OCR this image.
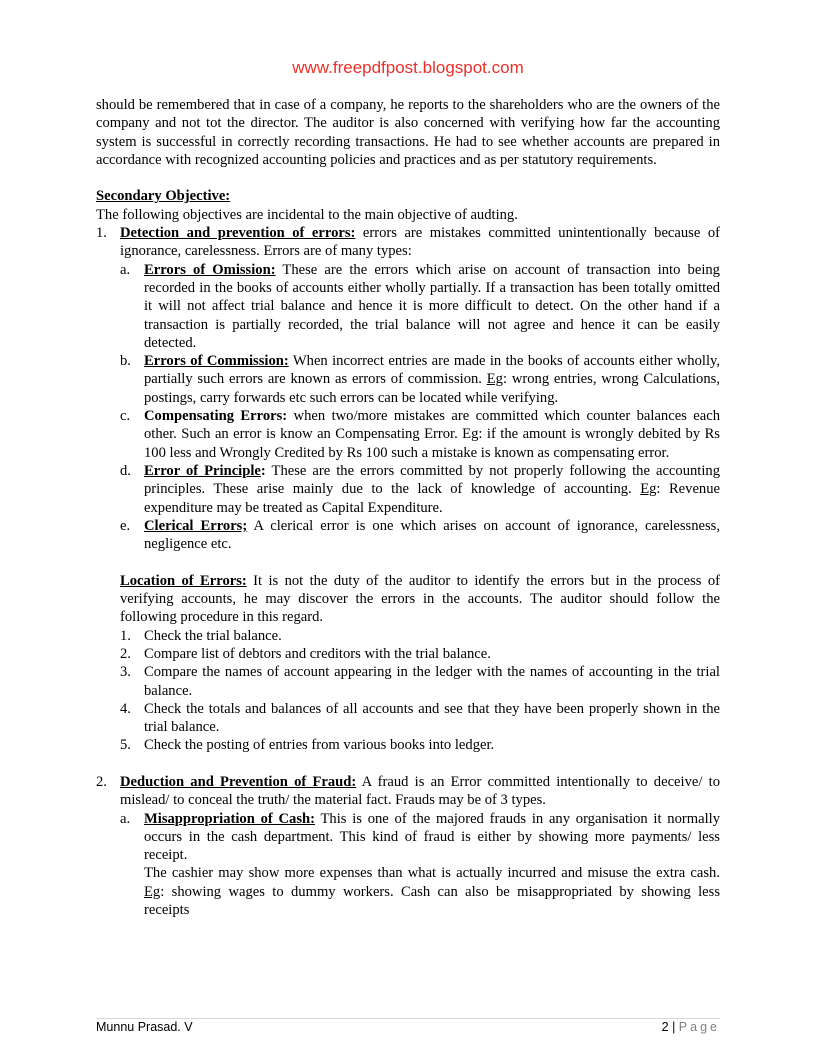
www.freepdfpost.blogspot.com

should be remembered that in case of a company, he reports to the shareholders who are the owners of the company and not tot the director. The auditor is also concerned with verifying how far the accounting system is successful in correctly recording transactions. He had to see whether accounts are prepared in accordance with recognized accounting policies and practices and as per statutory requirements.

Secondary Objective:

The following objectives are incidental to the main objective of audting.

1. Detection and prevention of errors: errors are mistakes committed unintentionally because of ignorance, carelessness. Errors are of many types:
a. Errors of Omission: These are the errors which arise on account of transaction into being recorded in the books of accounts either wholly partially. If a transaction has been totally omitted it will not affect trial balance and hence it is more difficult to detect. On the other hand if a transaction is partially recorded, the trial balance will not agree and hence it can be easily detected.
b. Errors of Commission: When incorrect entries are made in the books of accounts either wholly, partially such errors are known as errors of commission. Eg: wrong entries, wrong Calculations, postings, carry forwards etc such errors can be located while verifying.
c. Compensating Errors: when two/more mistakes are committed which counter balances each other. Such an error is know an Compensating Error. Eg: if the amount is wrongly debited by Rs 100 less and Wrongly Credited by Rs 100 such a mistake is known as compensating error.
d. Error of Principle: These are the errors committed by not properly following the accounting principles. These arise mainly due to the lack of knowledge of accounting. Eg: Revenue expenditure may be treated as Capital Expenditure.
e. Clerical Errors; A clerical error is one which arises on account of ignorance, carelessness, negligence etc.
Location of Errors: It is not the duty of the auditor to identify the errors but in the process of verifying accounts, he may discover the errors in the accounts. The auditor should follow the following procedure in this regard.
1. Check the trial balance.
2. Compare list of debtors and creditors with the trial balance.
3. Compare the names of account appearing in the ledger with the names of accounting in the trial balance.
4. Check the totals and balances of all accounts and see that they have been properly shown in the trial balance.
5. Check the posting of entries from various books into ledger.
2. Deduction and Prevention of Fraud: A fraud is an Error committed intentionally to deceive/ to mislead/ to conceal the truth/ the material fact. Frauds may be of 3 types.
a. Misappropriation of Cash: This is one of the majored frauds in any organisation it normally occurs in the cash department. This kind of fraud is either by showing more payments/ less receipt.
The cashier may show more expenses than what is actually incurred and misuse the extra cash. Eg: showing wages to dummy workers. Cash can also be misappropriated by showing less receipts
Munnu Prasad. V	2 | Page
